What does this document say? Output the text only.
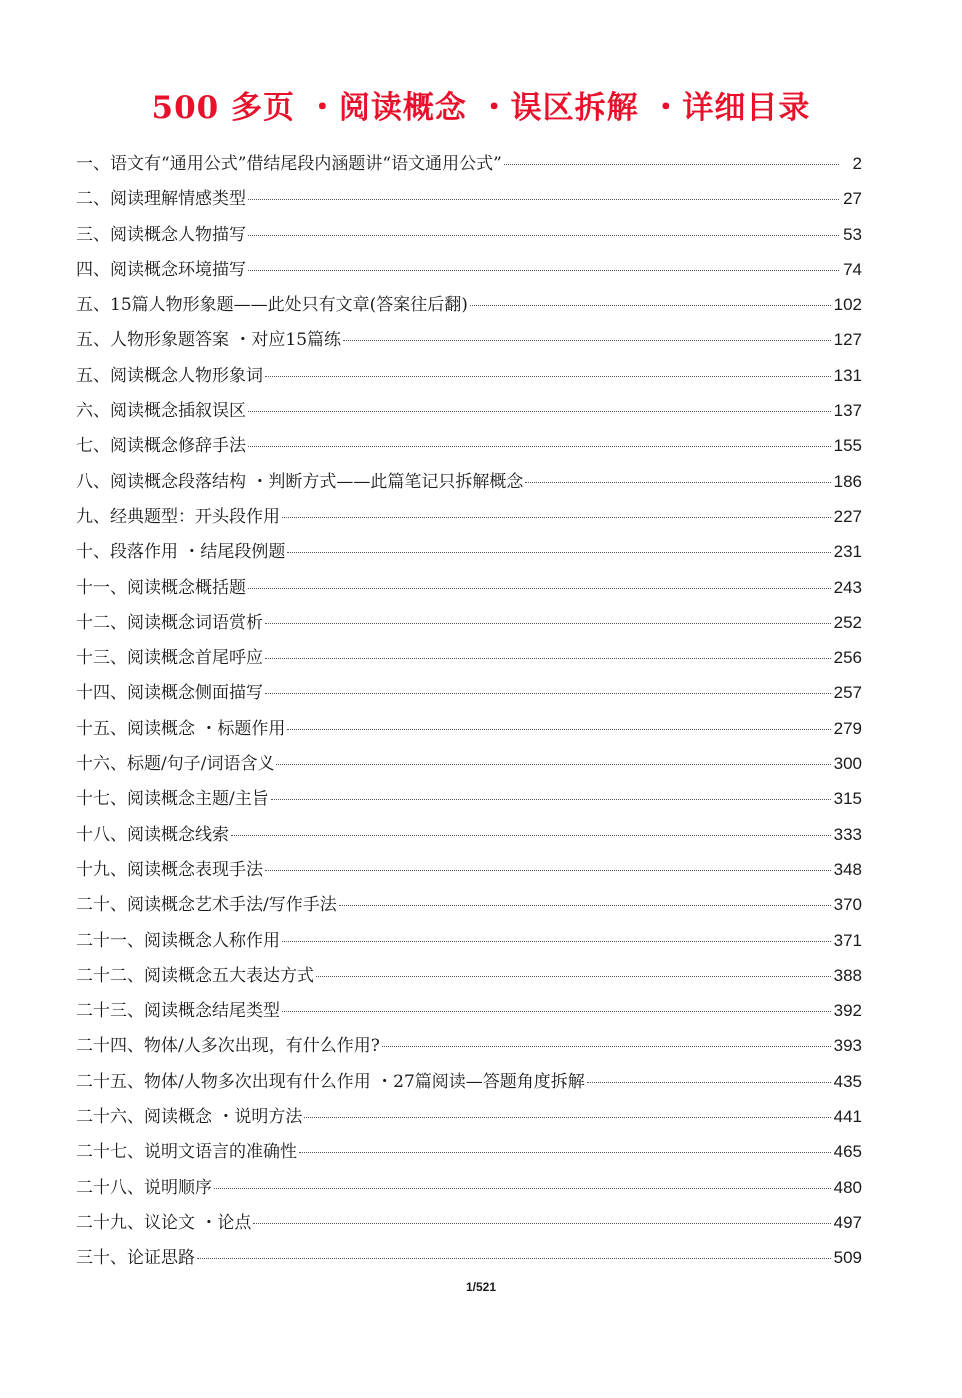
500 多页 ・阅读概念 ・误区拆解 ・详细目录
一、语文有“通用公式”借结尾段内涵题讲“语文通用公式”	2
二、阅读理解情感类型	27
三、阅读概念人物描写	53
四、阅读概念环境描写	74
五、15篇人物形象题——此处只有文章(答案往后翻)	102
五、人物形象题答案 ・对应15篇练	127
五、阅读概念人物形象词	131
六、阅读概念插叙误区	137
七、阅读概念修辞手法	155
八、阅读概念段落结构 ・判断方式——此篇笔记只拆解概念	186
九、经典题型：开头段作用	227
十、段落作用 ・结尾段例题	231
十一、阅读概念概括题	243
十二、阅读概念词语赏析	252
十三、阅读概念首尾呼应	256
十四、阅读概念侧面描写	257
十五、阅读概念 ・标题作用	279
十六、标题/句子/词语含义	300
十七、阅读概念主题/主旨	315
十八、阅读概念线索	333
十九、阅读概念表现手法	348
二十、阅读概念艺术手法/写作手法	370
二十一、阅读概念人称作用	371
二十二、阅读概念五大表达方式	388
二十三、阅读概念结尾类型	392
二十四、物体/人多次出现，有什么作用?	393
二十五、物体/人物多次出现有什么作用 ・27篇阅读—答题角度拆解	435
二十六、阅读概念 ・说明方法	441
二十七、说明文语言的准确性	465
二十八、说明顺序	480
二十九、议论文 ・论点	497
三十、论证思路	509
1/521
